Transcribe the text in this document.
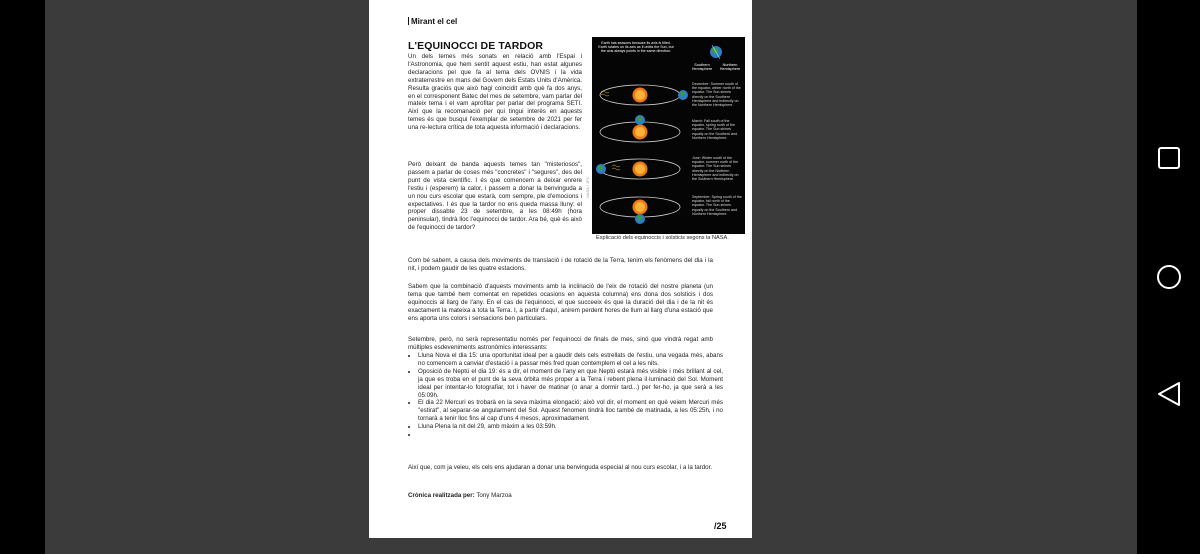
Mirant el cel
L'EQUINOCCI DE TARDOR

Un dels temes més sonats en relació amb l'Espai i l'Astronomia, que hem sentit aquest estiu, han estat algunes declaracions pel que fa al tema dels OVNIS i la vida extraterrestre en mans del Govern dels Estats Units d'Amèrica. Resulta graciós que això hagi coincidit amb què fa dos anys, en el corresponent Batec del mes de setembre, vam parlar del mateix tema i el vam aprofitar per parlar del programa SETI. Així que la recomanació per qui tingui interès en aquests temes és que busqui l'exemplar de setembre de 2021 per fer una re-lectura crítica de tota aquesta informació i declaracions.

Però deixant de banda aquests temes tan "misteriosos", passem a parlar de coses més "concretes" i "segures", des del punt de vista científic. I és que comencem a deixar enrere l'estiu i (esperem) la calor, i passem a donar la benvinguda a un nou curs escolar que estarà, com sempre, ple d'emocions i expectatives. I és que la tardor no ens queda massa lluny: el proper dissabte 23 de setembre, a les 08:49h (hora peninsular), tindrà lloc l'equinocci de tardor. Ara bé, què és això de l'equinocci de tardor?

Earth has seasons because its axis is tilted. Earth rotates on its axis as it orbits the Sun, but the axis always points in the same direction.
Southern Hemisphere
Northern Hemisphere
December: Summer south of the equator, winter north of the equator. The Sun shines directly on the Southern Hemisphere and indirectly on the Northern Hemisphere.
March: Fall south of the equator, spring north of the equator. The Sun shines equally on the Southern and Northern Hemisphere.
June: Winter south of the equator, summer north of the equator. The Sun shines directly on the Northern Hemisphere and indirectly on the Southern Hemisphere.
September: Spring south of the equator, fall north of the equator. The Sun shines equally on the Southern and Northern Hemisphere.
NASA / JPL
Explicació dels equinoccis i solsticis segons la NASA.

Com bé sabem, a causa dels moviments de translació i de rotació de la Terra, tenim els fenòmens del dia i la nit, i podem gaudir de les quatre estacions.

Sabem que la combinació d'aquests moviments amb la inclinació de l'eix de rotació del nostre planeta (un tema que també hem comentat en repetides ocasions en aquesta columna) ens dona dos solsticis i dos equinoccis al llarg de l'any. En el cas de l'equinocci, el que succeeix és que la duració del dia i de la nit és exactament la mateixa a tota la Terra. I, a partir d'aquí, anirem perdent hores de llum al llarg d'una estació que ens aporta uns colors i sensacions ben particulars.

Setembre, però, no serà representatiu només per l'equinocci de finals de mes, sinó que vindrà regat amb múltiples esdeveniments astronòmics interessants:

• Lluna Nova el dia 15: una oportunitat ideal per a gaudir dels cels estrellats de l'estiu, una vegada més, abans no comencem a canviar d'estació i a passar més fred quan contemplem el cel a les nits.
• Oposició de Neptú el dia 19: és a dir, el moment de l'any en que Neptú estarà més visible i més brillant al cel, ja que es troba en el punt de la seva òrbita més proper a la Terra i rebent plena il·luminació del Sol. Moment ideal per intentar-lo fotografiar, tot i haver de matinar (o anar a dormir tard...) per fer-ho, ja que serà a les 05:09h.
• El dia 22 Mercuri es trobarà en la seva màxima elongació; això vol dir, el moment en què veiem Mercuri més "estirat", al separar-se angularment del Sol. Aquest fenomen tindrà lloc també de matinada, a les 05:25h, i no tornarà a tenir lloc fins al cap d'uns 4 mesos, aproximadament.
• Lluna Plena la nit del 29, amb màxim a les 03:59h.
•

Així que, com ja veieu, els cels ens ajudaran a donar una benvinguda especial al nou curs escolar, i a la tardor.

Crònica realitzada per: Tony Marzoa
/25
